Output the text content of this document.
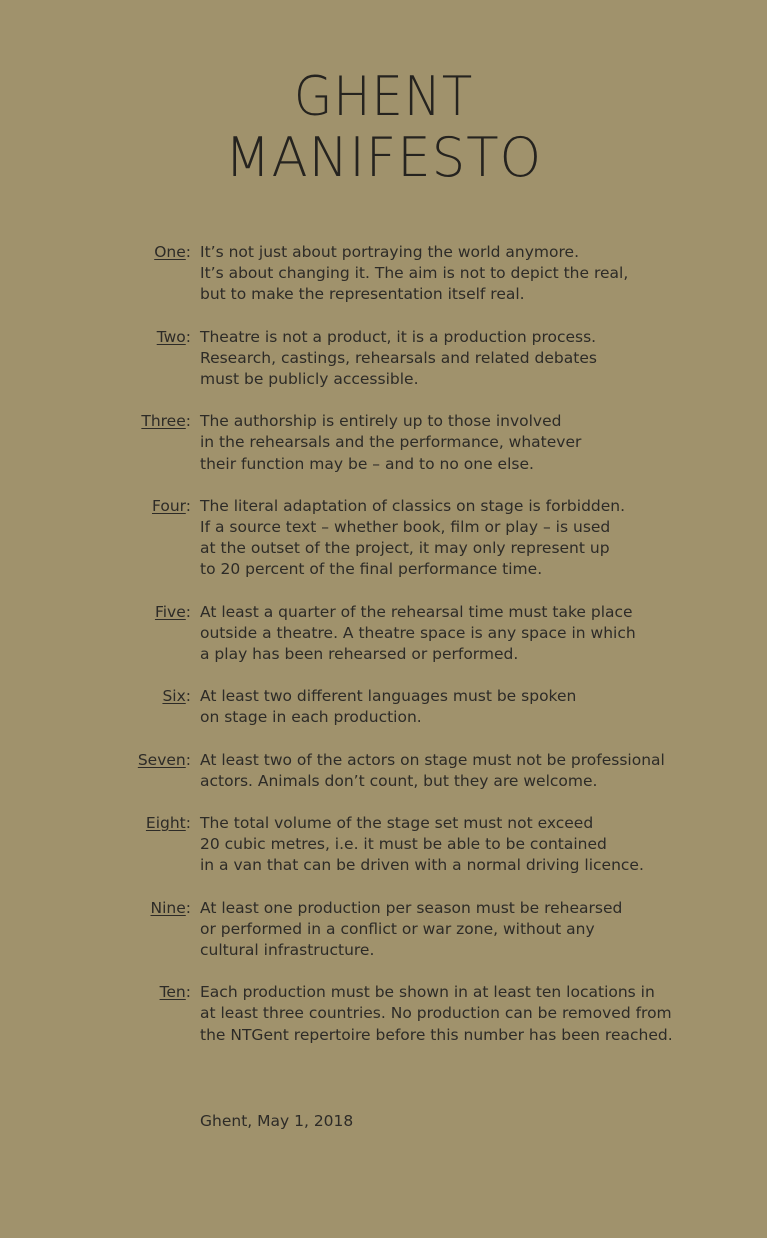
GHENT
MANIFESTO
One: It’s not just about portraying the world anymore.
It’s about changing it. The aim is not to depict the real,
but to make the representation itself real.
Two: Theatre is not a product, it is a production process.
Research, castings, rehearsals and related debates
must be publicly accessible.
Three: The authorship is entirely up to those involved
in the rehearsals and the performance, whatever
their function may be – and to no one else.
Four: The literal adaptation of classics on stage is forbidden.
If a source text – whether book, film or play – is used
at the outset of the project, it may only represent up
to 20 percent of the final performance time.
Five: At least a quarter of the rehearsal time must take place
outside a theatre. A theatre space is any space in which
a play has been rehearsed or performed.
Six: At least two different languages must be spoken
on stage in each production.
Seven: At least two of the actors on stage must not be professional
actors. Animals don’t count, but they are welcome.
Eight: The total volume of the stage set must not exceed
20 cubic metres, i.e. it must be able to be contained
in a van that can be driven with a normal driving licence.
Nine: At least one production per season must be rehearsed
or performed in a conflict or war zone, without any
cultural infrastructure.
Ten: Each production must be shown in at least ten locations in
at least three countries. No production can be removed from
the NTGent repertoire before this number has been reached.
Ghent, May 1, 2018
